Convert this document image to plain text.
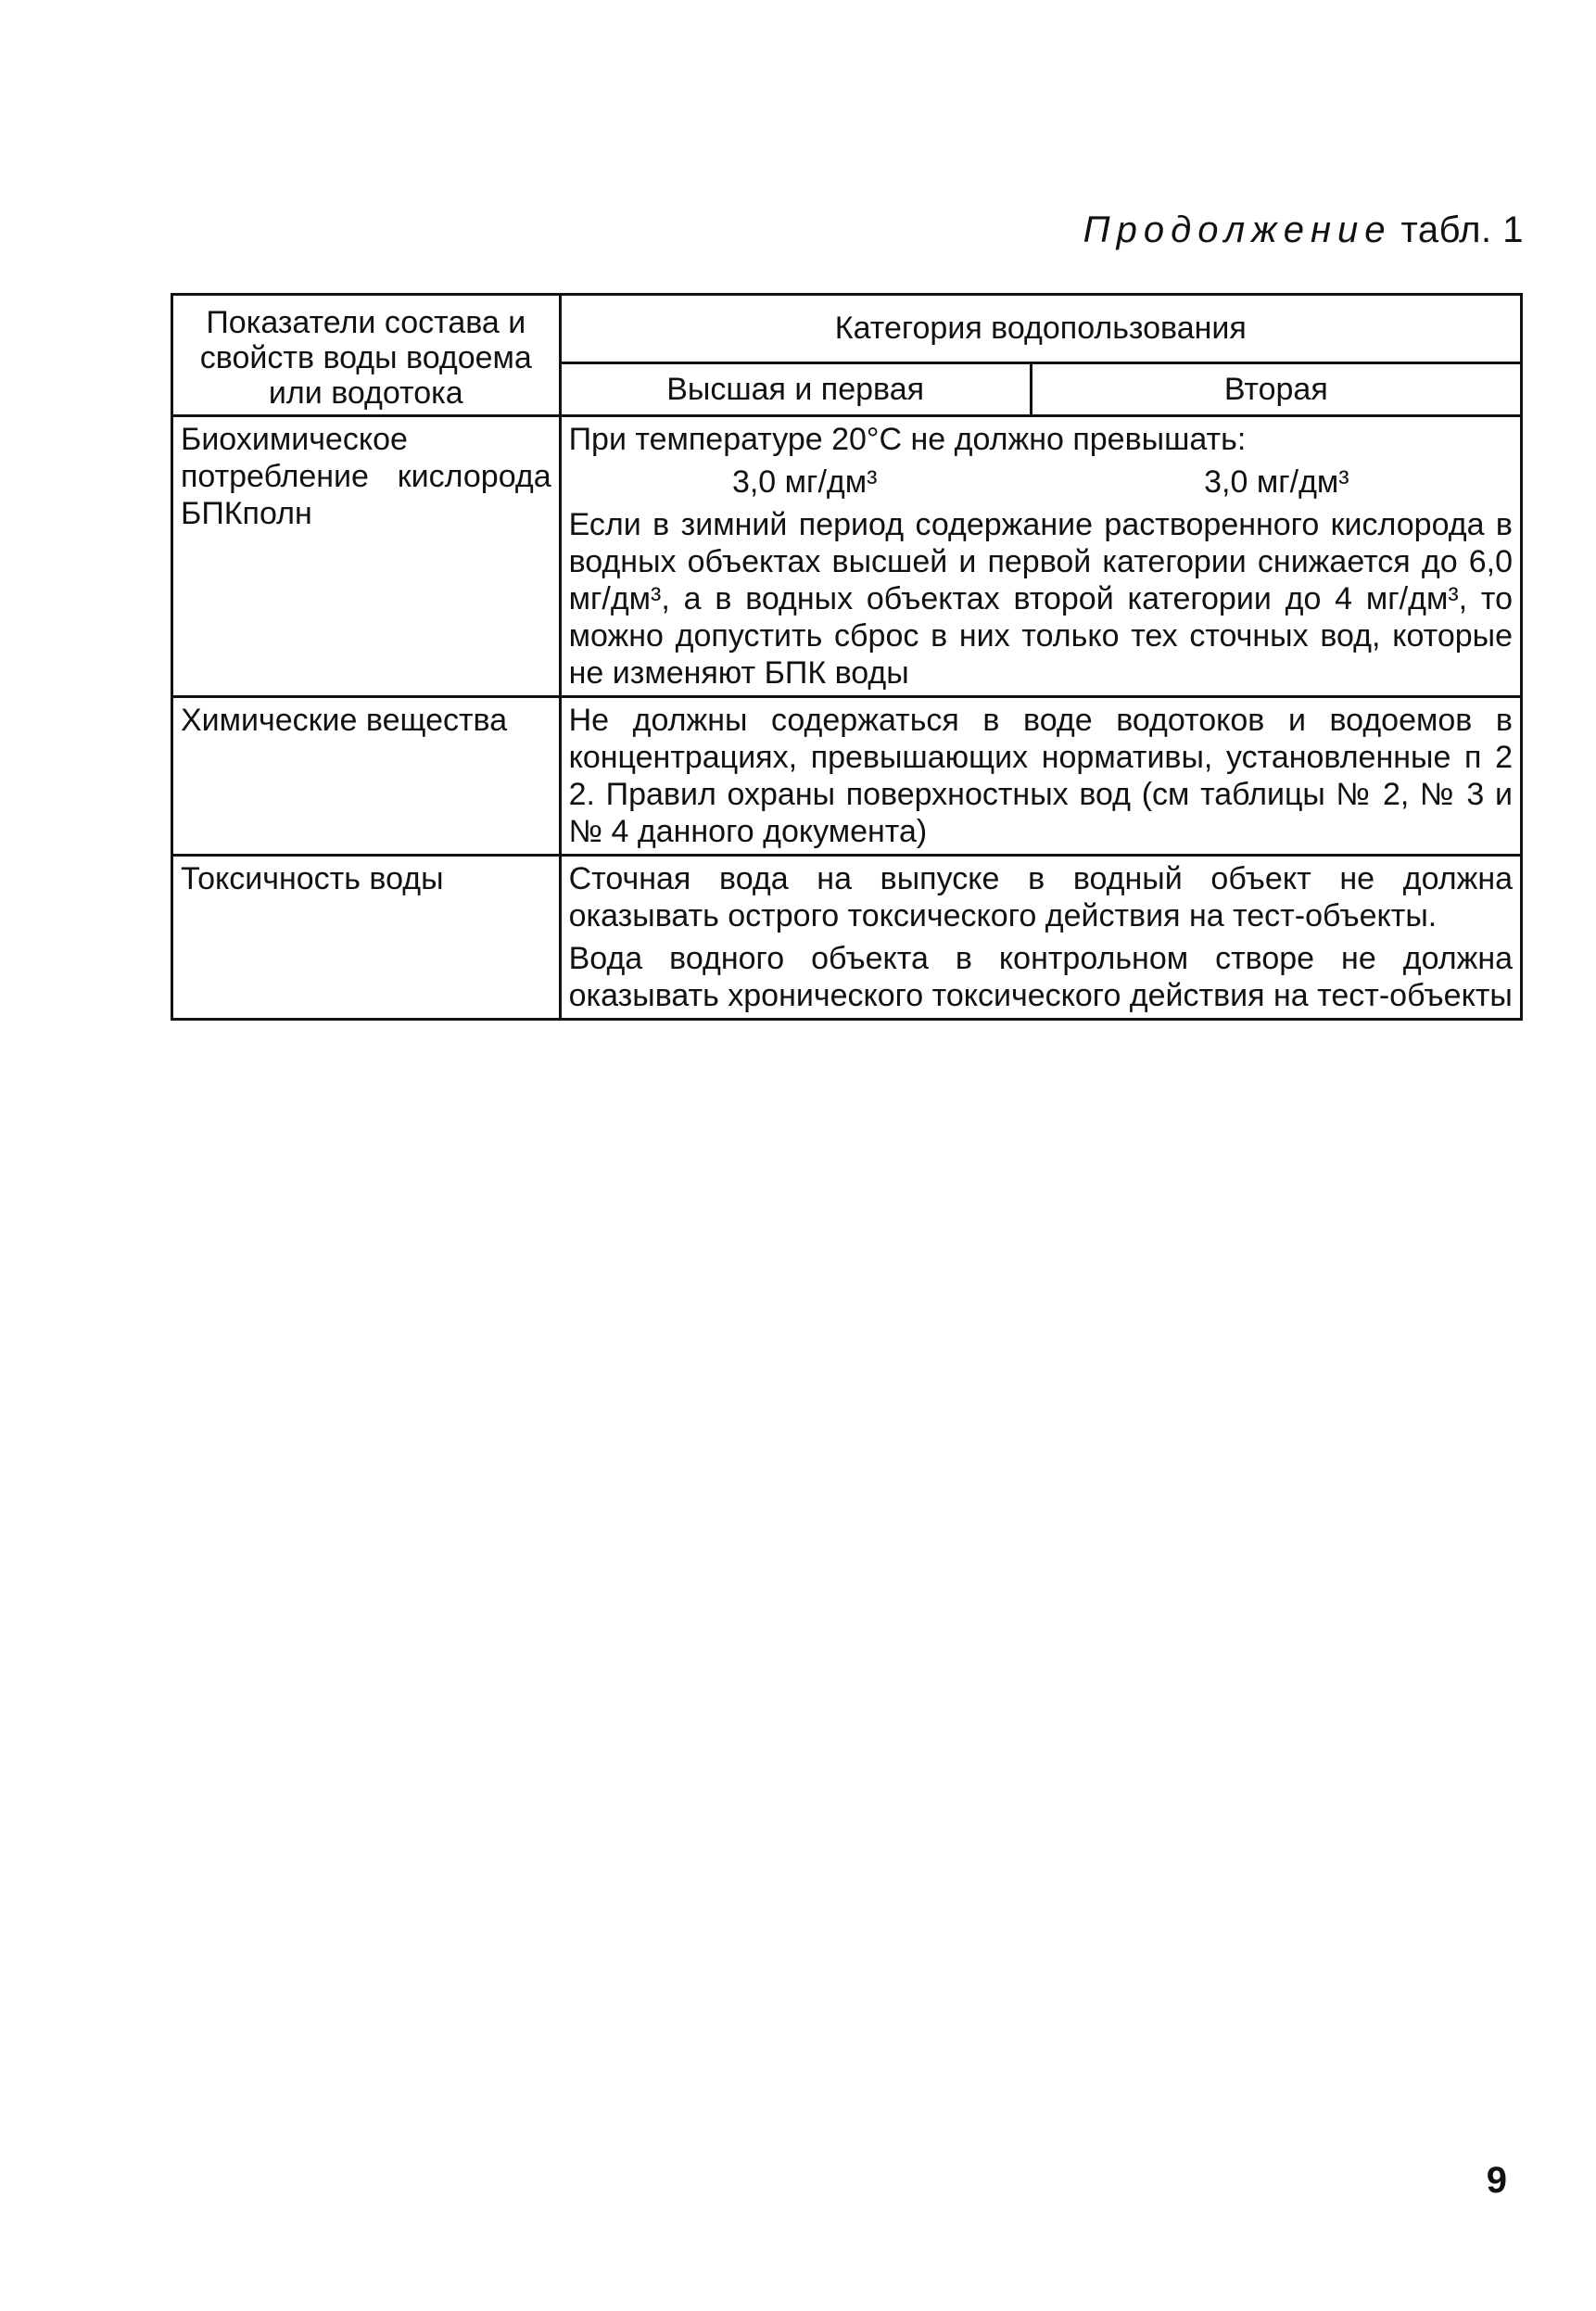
Продолжение табл. 1
Показатели состава и свойств воды водоема или водотока	Категория водопользования	
	Высшая и первая	Вторая

Биохимическое потребление кислорода БПКполн	При температуре 20°С не должно превышать:

3,0 мг/дм³ 3,0 мг/дм³

Если в зимний период содержание растворенного кислорода в водных объектах высшей и первой категории снижается до 6,0 мг/дм³, а в водных объектах второй категории до 4 мг/дм³, то можно допустить сброс в них только тех сточных вод, которые не изменяют БПК воды	

Химические вещества	Не должны содержаться в воде водотоков и водоемов в концентрациях, превышающих нормативы, установленные п 2 2. Правил охраны поверхностных вод (см таблицы № 2, № 3 и № 4 данного документа)	

Токсичность воды	Сточная вода на выпуске в водный объект не должна оказывать острого токсического действия на тест-объекты.

Вода водного объекта в контрольном створе не должна оказывать хронического токсического действия на тест-объекты	

9
